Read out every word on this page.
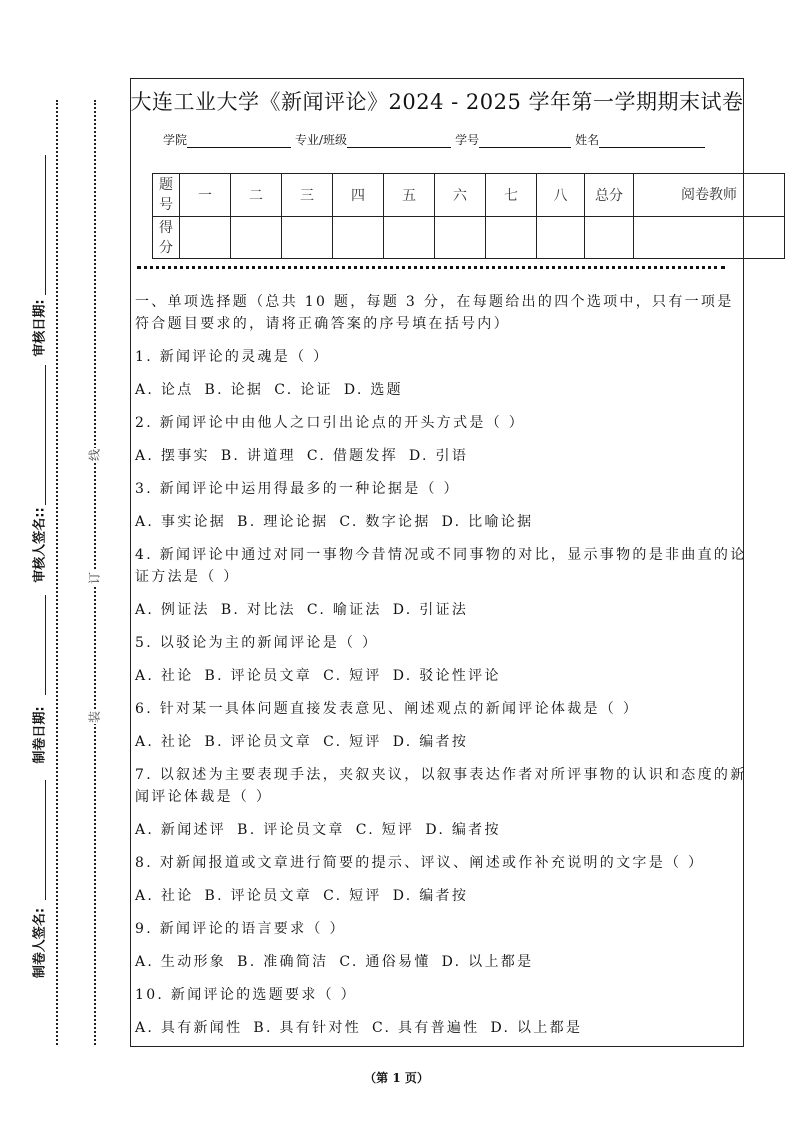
审核日期:
审核人签名::
制卷日期:
制卷人签名:
线
订
装
大连工业大学《新闻评论》2024 - 2025 学年第一学期期末试卷
学院	专业/班级	学号	姓名
题号	一	二	三	四	五	六	七	八	总分	阅卷教师
得分										

一、单项选择题（总共 10 题，每题 3 分，在每题给出的四个选项中，只有一项是符合题目要求的，请将正确答案的序号填在括号内）

1. 新闻评论的灵魂是（ ）

A. 论点 B. 论据 C. 论证 D. 选题

2. 新闻评论中由他人之口引出论点的开头方式是（ ）

A. 摆事实 B. 讲道理 C. 借题发挥 D. 引语

3. 新闻评论中运用得最多的一种论据是（ ）

A. 事实论据 B. 理论论据 C. 数字论据 D. 比喻论据

4. 新闻评论中通过对同一事物今昔情况或不同事物的对比，显示事物的是非曲直的论证方法是（ ）

A. 例证法 B. 对比法 C. 喻证法 D. 引证法

5. 以驳论为主的新闻评论是（ ）

A. 社论 B. 评论员文章 C. 短评 D. 驳论性评论

6. 针对某一具体问题直接发表意见、阐述观点的新闻评论体裁是（ ）

A. 社论 B. 评论员文章 C. 短评 D. 编者按

7. 以叙述为主要表现手法，夹叙夹议，以叙事表达作者对所评事物的认识和态度的新闻评论体裁是（ ）

A. 新闻述评 B. 评论员文章 C. 短评 D. 编者按

8. 对新闻报道或文章进行简要的提示、评议、阐述或作补充说明的文字是（ ）

A. 社论 B. 评论员文章 C. 短评 D. 编者按

9. 新闻评论的语言要求（ ）

A. 生动形象 B. 准确简洁 C. 通俗易懂 D. 以上都是

10. 新闻评论的选题要求（ ）

A. 具有新闻性 B. 具有针对性 C. 具有普遍性 D. 以上都是

（第 1 页）
